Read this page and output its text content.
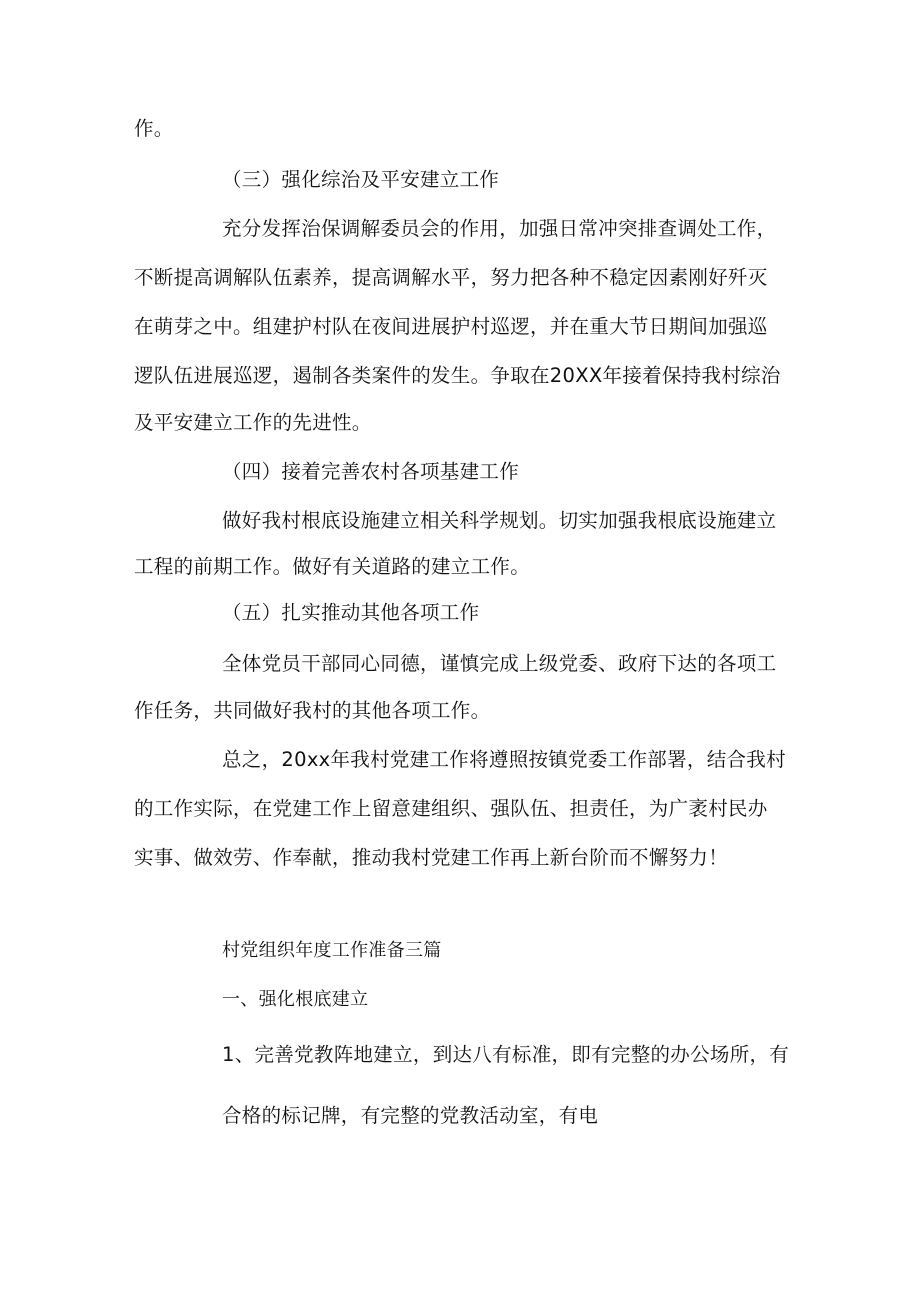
作。
（三）强化综治及平安建立工作
充分发挥治保调解委员会的作用，加强日常冲突排查调处工作，
不断提高调解队伍素养，提高调解水平，努力把各种不稳定因素刚好歼灭
在萌芽之中。组建护村队在夜间进展护村巡逻，并在重大节日期间加强巡
逻队伍进展巡逻，遏制各类案件的发生。争取在20XX年接着保持我村综治
及平安建立工作的先进性。
（四）接着完善农村各项基建工作
做好我村根底设施建立相关科学规划。切实加强我根底设施建立
工程的前期工作。做好有关道路的建立工作。
（五）扎实推动其他各项工作
全体党员干部同心同德，谨慎完成上级党委、政府下达的各项工
作任务，共同做好我村的其他各项工作。
总之，20xx年我村党建工作将遵照按镇党委工作部署，结合我村
的工作实际，在党建工作上留意建组织、强队伍、担责任，为广袤村民办
实事、做效劳、作奉献，推动我村党建工作再上新台阶而不懈努力！
村党组织年度工作准备三篇
一、强化根底建立
1、完善党教阵地建立，到达八有标准，即有完整的办公场所，有
合格的标记牌，有完整的党教活动室，有电
